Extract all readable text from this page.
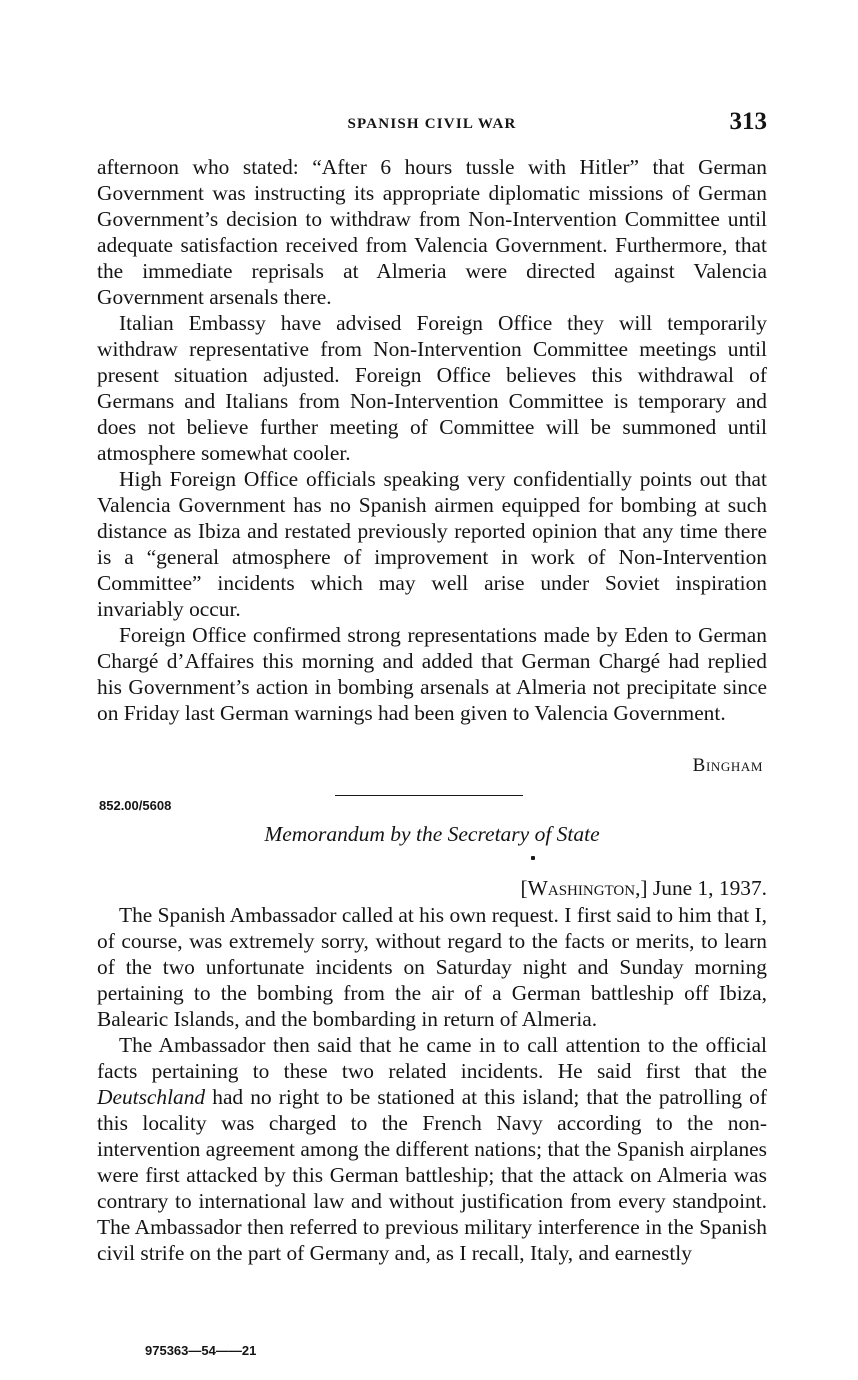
SPANISH CIVIL WAR	313

afternoon who stated: “After 6 hours tussle with Hitler” that German Government was instructing its appropriate diplomatic missions of German Government’s decision to withdraw from Non-Intervention Committee until adequate satisfaction received from Valencia Government. Furthermore, that the immediate reprisals at Almeria were directed against Valencia Government arsenals there.

Italian Embassy have advised Foreign Office they will temporarily withdraw representative from Non-Intervention Committee meetings until present situation adjusted. Foreign Office believes this withdrawal of Germans and Italians from Non-Intervention Committee is temporary and does not believe further meeting of Committee will be summoned until atmosphere somewhat cooler.

High Foreign Office officials speaking very confidentially points out that Valencia Government has no Spanish airmen equipped for bombing at such distance as Ibiza and restated previously reported opinion that any time there is a “general atmosphere of improvement in work of Non-Intervention Committee” incidents which may well arise under Soviet inspiration invariably occur.

Foreign Office confirmed strong representations made by Eden to German Chargé d’Affaires this morning and added that German Chargé had replied his Government’s action in bombing arsenals at Almeria not precipitate since on Friday last German warnings had been given to Valencia Government.

Bingham
852.00/5608
Memorandum by the Secretary of State
[Washington,] June 1, 1937.

The Spanish Ambassador called at his own request. I first said to him that I, of course, was extremely sorry, without regard to the facts or merits, to learn of the two unfortunate incidents on Saturday night and Sunday morning pertaining to the bombing from the air of a German battleship off Ibiza, Balearic Islands, and the bombarding in return of Almeria.

The Ambassador then said that he came in to call attention to the official facts pertaining to these two related incidents. He said first that the Deutschland had no right to be stationed at this island; that the patrolling of this locality was charged to the French Navy according to the non-intervention agreement among the different nations; that the Spanish airplanes were first attacked by this German battleship; that the attack on Almeria was contrary to international law and without justification from every standpoint. The Ambassador then referred to previous military interference in the Spanish civil strife on the part of Germany and, as I recall, Italy, and earnestly

975363—54——21
